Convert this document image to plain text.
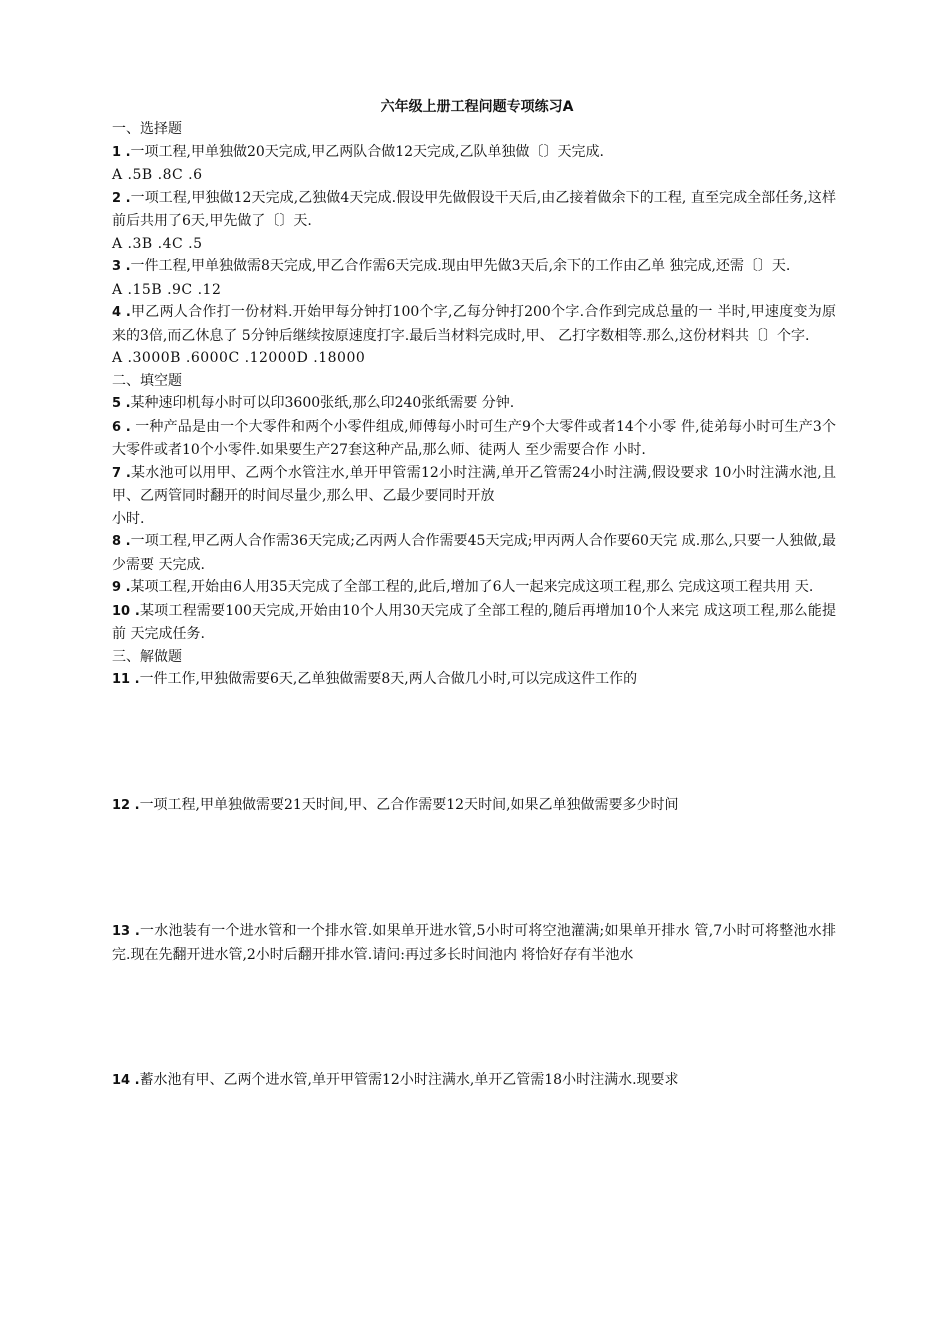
六年级上册工程问题专项练习A
一、选择题

1 .一项工程,甲单独做20天完成,甲乙两队合做12天完成,乙队单独做〔〕天完成.

A .5B .8C .6

2 .一项工程,甲独做12天完成,乙独做4天完成.假设甲先做假设干天后,由乙接着做余下的工程, 直至完成全部任务,这样前后共用了6天,甲先做了〔〕天.

A .3B .4C .5

3 .一件工程,甲单独做需8天完成,甲乙合作需6天完成.现由甲先做3天后,余下的工作由乙单 独完成,还需〔〕天.

A .15B .9C .12

4 .甲乙两人合作打一份材料.开始甲每分钟打100个字,乙每分钟打200个字.合作到完成总量的一 半时,甲速度变为原来的3倍,而乙休息了 5分钟后继续按原速度打字.最后当材料完成时,甲、 乙打字数相等.那么,这份材料共〔〕个字.

A .3000B .6000C .12000D .18000

二、填空题

5 .某种速印机每小时可以印3600张纸,那么印240张纸需要 分钟.

6 . 一种产品是由一个大零件和两个小零件组成,师傅每小时可生产9个大零件或者14个小零 件,徒弟每小时可生产3个大零件或者10个小零件.如果要生产27套这种产品,那么师、徒两人 至少需要合作 小时.

7 .某水池可以用甲、乙两个水管注水,单开甲管需12小时注满,单开乙管需24小时注满,假设要求 10小时注满水池,且甲、乙两管同时翻开的时间尽量少,那么甲、乙最少要同时开放

小时.

8 .一项工程,甲乙两人合作需36天完成;乙丙两人合作需要45天完成;甲丙两人合作要60天完 成.那么,只要一人独做,最少需要 天完成.

9 .某项工程,开始由6人用35天完成了全部工程的,此后,增加了6人一起来完成这项工程,那么 完成这项工程共用 天.

10 .某项工程需要100天完成,开始由10个人用30天完成了全部工程的,随后再增加10个人来完 成这项工程,那么能提前 天完成任务.

三、解做题

11 .一件工作,甲独做需要6天,乙单独做需要8天,两人合做几小时,可以完成这件工作的

12 .一项工程,甲单独做需要21天时间,甲、乙合作需要12天时间,如果乙单独做需要多少时间

13 .一水池装有一个进水管和一个排水管.如果单开进水管,5小时可将空池灌满;如果单开排水 管,7小时可将整池水排完.现在先翻开进水管,2小时后翻开排水管.请问:再过多长时间池内 将恰好存有半池水

14 .蓄水池有甲、乙两个进水管,单开甲管需12小时注满水,单开乙管需18小时注满水.现要求
